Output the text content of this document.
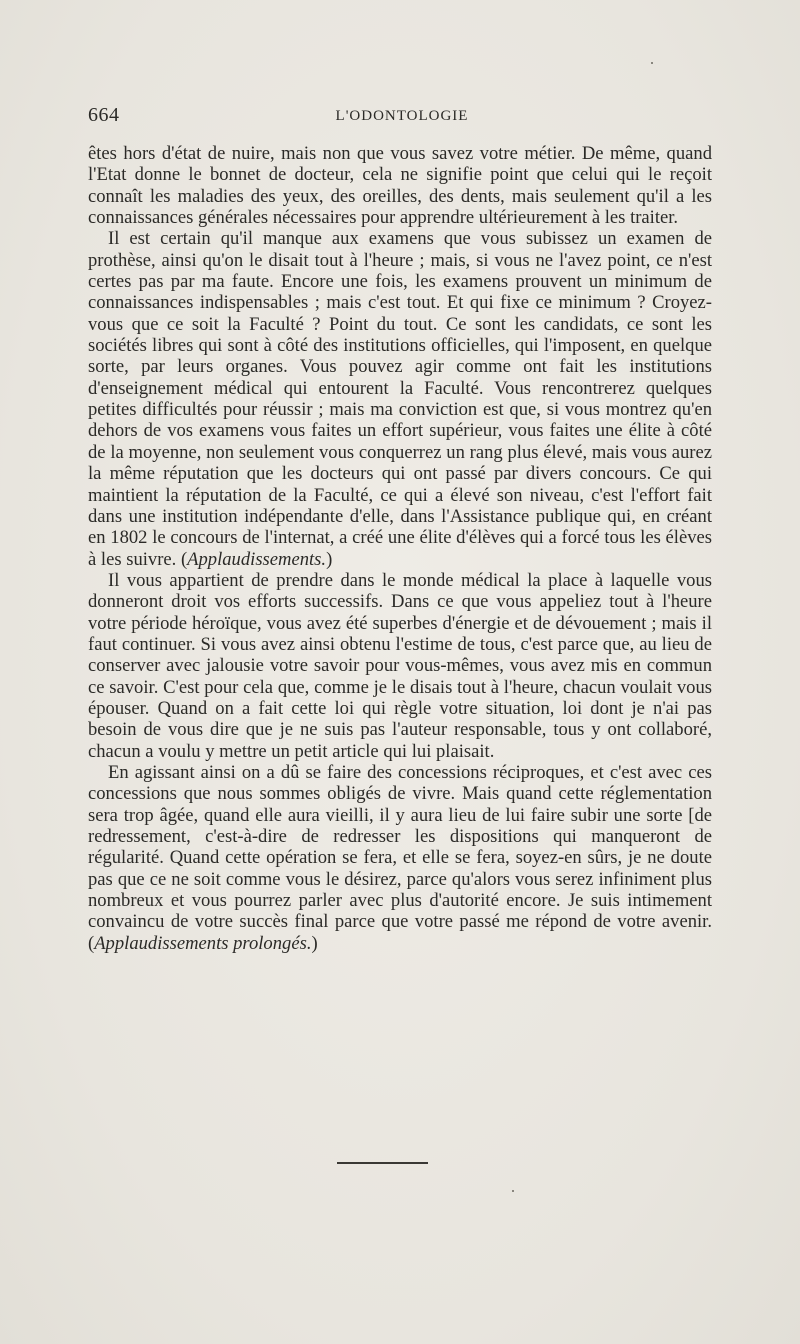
664	L'ODONTOLOGIE

êtes hors d'état de nuire, mais non que vous savez votre métier. De même, quand l'Etat donne le bonnet de docteur, cela ne signifie point que celui qui le reçoit connaît les maladies des yeux, des oreilles, des dents, mais seulement qu'il a les connaissances générales nécessaires pour apprendre ultérieurement à les traiter.

Il est certain qu'il manque aux examens que vous subissez un examen de prothèse, ainsi qu'on le disait tout à l'heure ; mais, si vous ne l'avez point, ce n'est certes pas par ma faute. Encore une fois, les examens prouvent un minimum de connaissances indispensables ; mais c'est tout. Et qui fixe ce minimum ? Croyez-vous que ce soit la Faculté ? Point du tout. Ce sont les candidats, ce sont les sociétés libres qui sont à côté des institutions officielles, qui l'imposent, en quelque sorte, par leurs organes. Vous pouvez agir comme ont fait les institutions d'enseignement médical qui entourent la Faculté. Vous rencontrerez quelques petites difficultés pour réussir ; mais ma conviction est que, si vous montrez qu'en dehors de vos examens vous faites un effort supérieur, vous faites une élite à côté de la moyenne, non seulement vous conquerrez un rang plus élevé, mais vous aurez la même réputation que les docteurs qui ont passé par divers concours. Ce qui maintient la réputation de la Faculté, ce qui a élevé son niveau, c'est l'effort fait dans une institution indépendante d'elle, dans l'Assistance publique qui, en créant en 1802 le concours de l'internat, a créé une élite d'élèves qui a forcé tous les élèves à les suivre. (Applaudissements.)

Il vous appartient de prendre dans le monde médical la place à laquelle vous donneront droit vos efforts successifs. Dans ce que vous appeliez tout à l'heure votre période héroïque, vous avez été superbes d'énergie et de dévouement ; mais il faut continuer. Si vous avez ainsi obtenu l'estime de tous, c'est parce que, au lieu de conserver avec jalousie votre savoir pour vous-mêmes, vous avez mis en commun ce savoir. C'est pour cela que, comme je le disais tout à l'heure, chacun voulait vous épouser. Quand on a fait cette loi qui règle votre situation, loi dont je n'ai pas besoin de vous dire que je ne suis pas l'auteur responsable, tous y ont collaboré, chacun a voulu y mettre un petit article qui lui plaisait.

En agissant ainsi on a dû se faire des concessions réciproques, et c'est avec ces concessions que nous sommes obligés de vivre. Mais quand cette réglementation sera trop âgée, quand elle aura vieilli, il y aura lieu de lui faire subir une sorte [de redressement, c'est-à-dire de redresser les dispositions qui manqueront de régularité. Quand cette opération se fera, et elle se fera, soyez-en sûrs, je ne doute pas que ce ne soit comme vous le désirez, parce qu'alors vous serez infiniment plus nombreux et vous pourrez parler avec plus d'autorité encore. Je suis intimement convaincu de votre succès final parce que votre passé me répond de votre avenir. (Applaudissements prolongés.)
